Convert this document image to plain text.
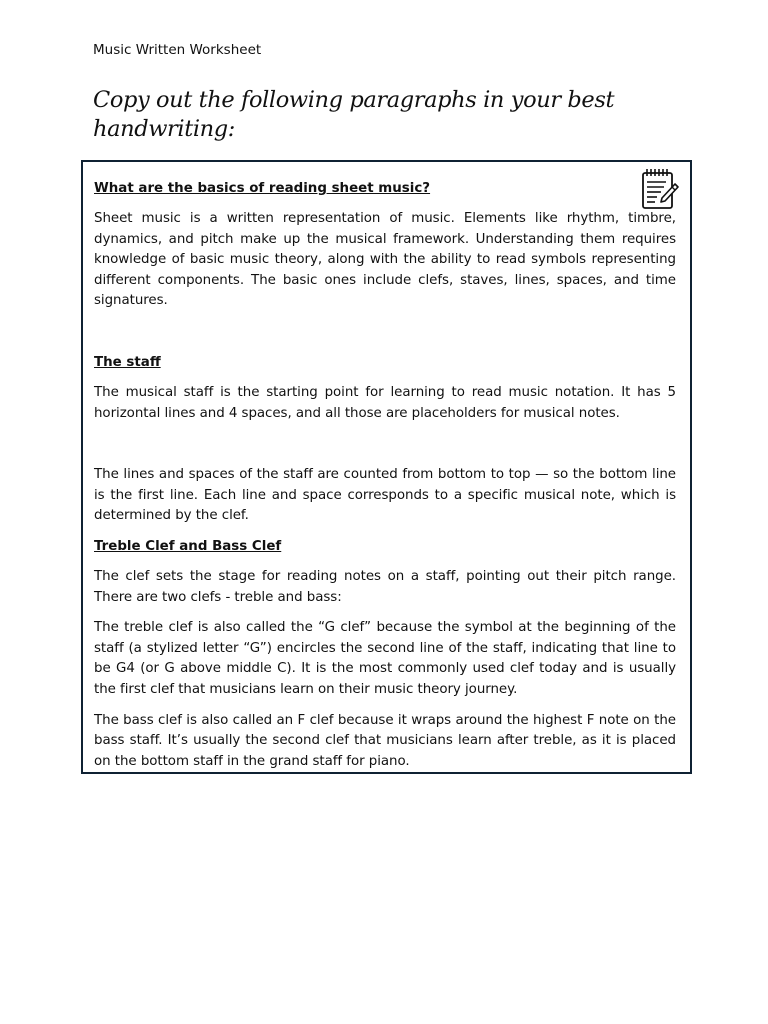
Music Written Worksheet
Copy out the following paragraphs in your best handwriting:
What are the basics of reading sheet music?
Sheet music is a written representation of music. Elements like rhythm, timbre, dynamics, and pitch make up the musical framework. Understanding them requires knowledge of basic music theory, along with the ability to read symbols representing different components. The basic ones include clefs, staves, lines, spaces, and time signatures.
The staff
The musical staff is the starting point for learning to read music notation. It has 5 horizontal lines and 4 spaces, and all those are placeholders for musical notes.
The lines and spaces of the staff are counted from bottom to top — so the bottom line is the first line. Each line and space corresponds to a specific musical note, which is determined by the clef.
Treble Clef and Bass Clef
The clef sets the stage for reading notes on a staff, pointing out their pitch range. There are two clefs - treble and bass:
The treble clef is also called the “G clef” because the symbol at the beginning of the staff (a stylized letter “G”) encircles the second line of the staff, indicating that line to be G4 (or G above middle C). It is the most commonly used clef today and is usually the first clef that musicians learn on their music theory journey.
The bass clef is also called an F clef because it wraps around the highest F note on the bass staff. It’s usually the second clef that musicians learn after treble, as it is placed on the bottom staff in the grand staff for piano.
